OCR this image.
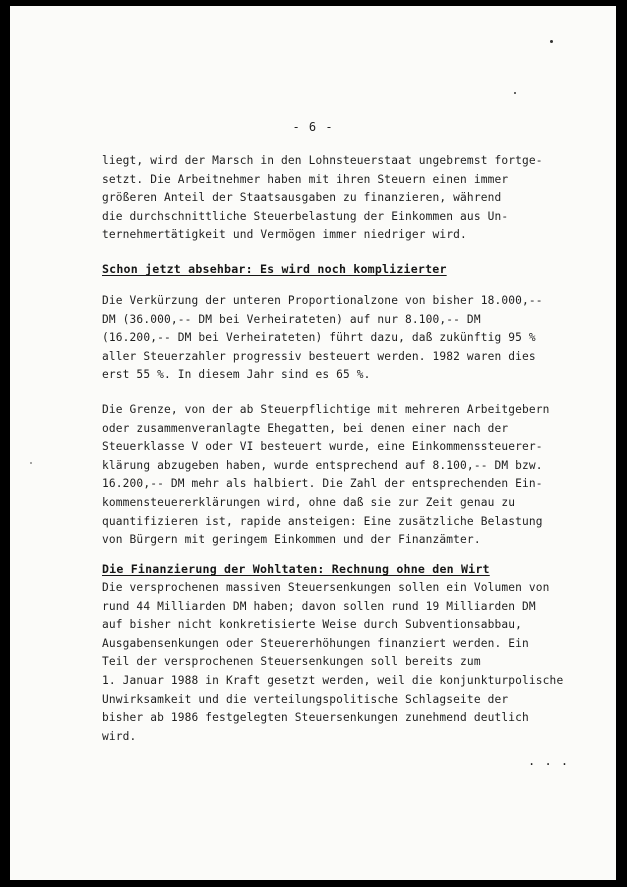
- 6 -
liegt, wird der Marsch in den Lohnsteuerstaat ungebremst fortge-
setzt. Die Arbeitnehmer haben mit ihren Steuern einen immer
größeren Anteil der Staatsausgaben zu finanzieren, während
die durchschnittliche Steuerbelastung der Einkommen aus Un-
ternehmertätigkeit und Vermögen immer niedriger wird.
Schon jetzt absehbar: Es wird noch komplizierter
Die Verkürzung der unteren Proportionalzone von bisher 18.000,--
DM (36.000,-- DM bei Verheirateten) auf nur 8.100,-- DM
(16.200,-- DM bei Verheirateten) führt dazu, daß zukünftig 95 %
aller Steuerzahler progressiv besteuert werden. 1982 waren dies
erst 55 %. In diesem Jahr sind es 65 %.
Die Grenze, von der ab Steuerpflichtige mit mehreren Arbeitgebern
oder zusammenveranlagte Ehegatten, bei denen einer nach der
Steuerklasse V oder VI besteuert wurde, eine Einkommenssteuerer-
klärung abzugeben haben, wurde entsprechend auf 8.100,-- DM bzw.
16.200,-- DM mehr als halbiert. Die Zahl der entsprechenden Ein-
kommensteuererklärungen wird, ohne daß sie zur Zeit genau zu
quantifizieren ist, rapide ansteigen: Eine zusätzliche Belastung
von Bürgern mit geringem Einkommen und der Finanzämter.
Die Finanzierung der Wohltaten: Rechnung ohne den Wirt
Die versprochenen massiven Steuersenkungen sollen ein Volumen von
rund 44 Milliarden DM haben; davon sollen rund 19 Milliarden DM
auf bisher nicht konkretisierte Weise durch Subventionsabbau,
Ausgabensenkungen oder Steuererhöhungen finanziert werden. Ein
Teil der versprochenen Steuersenkungen soll bereits zum
1. Januar 1988 in Kraft gesetzt werden, weil die konjunkturpolische
Unwirksamkeit und die verteilungspolitische Schlagseite der
bisher ab 1986 festgelegten Steuersenkungen zunehmend deutlich
wird.
. . .
